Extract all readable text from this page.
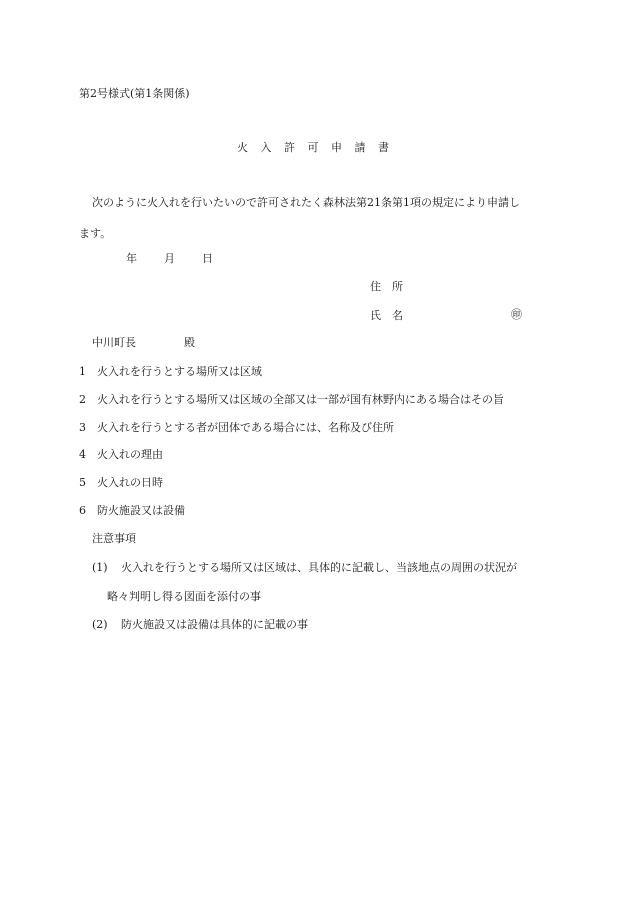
第2号様式(第1条関係)
火入許可申請書
次のように火入れを行いたいので許可されたく森林法第21条第1項の規定により申請し
ます。
年 月 日
住　所
氏　名	㊞
中川町長	殿
1 火入れを行うとする場所又は区域
2 火入れを行うとする場所又は区域の全部又は一部が国有林野内にある場合はその旨
3 火入れを行うとする者が団体である場合には、名称及び住所
4 火入れの理由
5 火入れの日時
6 防火施設又は設備
注意事項
(1) 火入れを行うとする場所又は区域は、具体的に記載し、当該地点の周囲の状況が
略々判明し得る図面を添付の事
(2) 防火施設又は設備は具体的に記載の事
